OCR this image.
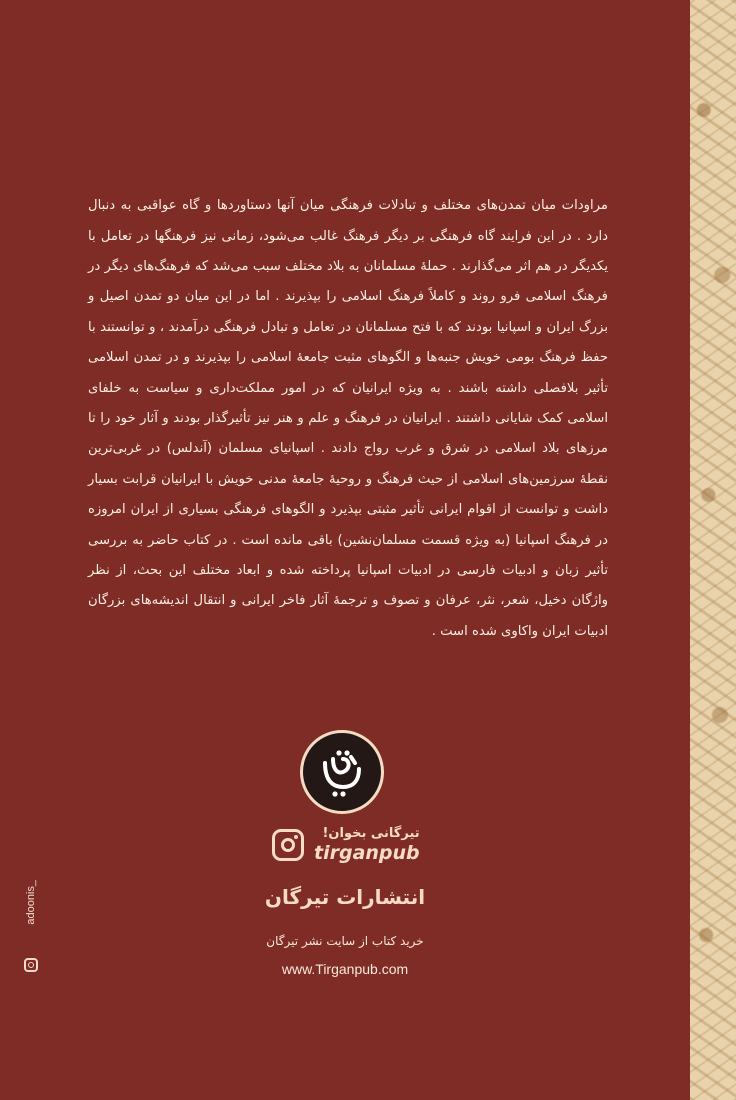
مراودات میان تمدن‌های مختلف و تبادلات فرهنگی میان آنها دستاوردها و گاه عواقبی به دنبال دارد . در این فرایند گاه فرهنگی بر دیگر فرهنگ غالب می‌شود، زمانی نیز فرهنگها در تعامل با یکدیگر در هم اثر می‌گذارند . حملهٔ مسلمانان به بلاد مختلف سبب می‌شد که فرهنگ‌های دیگر در فرهنگ اسلامی فرو روند و کاملاً فرهنگ اسلامی را بپذیرند . اما در این میان دو تمدن اصیل و بزرگ ایران و اسپانیا بودند که با فتح مسلمانان در تعامل و تبادل فرهنگی درآمدند ، و توانستند با حفظ فرهنگ بومی خویش جنبه‌ها و الگوهای مثبت جامعهٔ اسلامی را بپذیرند و در تمدن اسلامی تأثیر بلافصلی داشته باشند . به ویژه ایرانیان که در امور مملکت‌داری و سیاست به خلفای اسلامی کمک شایانی داشتند . ایرانیان در فرهنگ و علم و هنر نیز تأثیرگذار بودند و آثار خود را تا مرزهای بلاد اسلامی در شرق و غرب رواج دادند . اسپانیای مسلمان (آندلس) در غربی‌ترین نقطهٔ سرزمین‌های اسلامی از حیث فرهنگ و روحیهٔ جامعهٔ مدنی خویش با ایرانیان قرابت بسیار داشت و توانست از اقوام ایرانی تأثیر مثبتی بپذیرد و الگوهای فرهنگی بسیاری از ایران امروزه در فرهنگ اسپانیا (به ویژه قسمت مسلمان‌نشین) باقی مانده است . در کتاب حاضر به بررسی تأثیر زبان و ادبیات فارسی در ادبیات اسپانیا پرداخته شده و ابعاد مختلف این بحث، از نظر واژگان دخیل، شعر، نثر، عرفان و تصوف و ترجمهٔ آثار فاخر ایرانی و انتقال اندیشه‌های بزرگان ادبیات ایران واکاوی شده است .

تیرگان
تیرگانی بخوان!
tirganpub
انتشارات تیرگان
خرید کتاب از سایت نشر تیرگان
www.Tirganpub.com
adoonis_
